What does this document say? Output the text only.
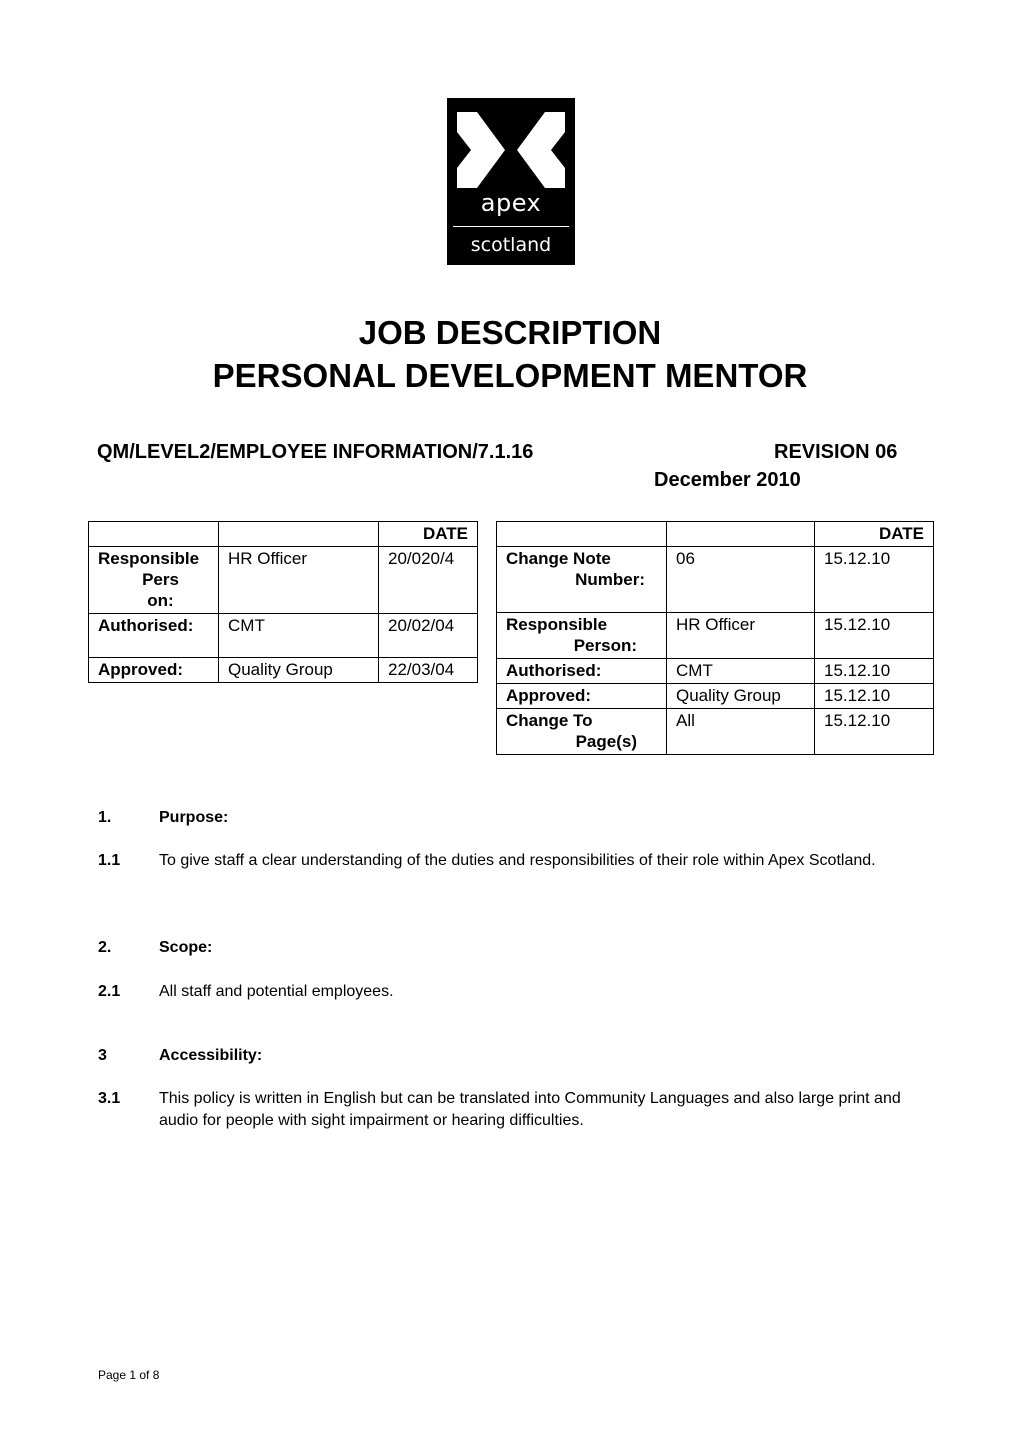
apex
scotland
JOB DESCRIPTION
PERSONAL DEVELOPMENT MENTOR
QM/LEVEL2/EMPLOYEE INFORMATION/7.1.16	REVISION 06
December 2010
		DATE

Responsible
Pers
on:	HR Officer	20/020/4
Authorised:	CMT	20/02/04
Approved:	Quality Group	22/03/04
		DATE

Change Note
Number:	06	15.12.10

Responsible
Person:	HR Officer	15.12.10
Authorised:	CMT	15.12.10
Approved:	Quality Group	15.12.10

Change To
Page(s)	All	15.12.10
1.	Purpose:
1.1 To give staff a clear understanding of the duties and responsibilities of their role within Apex Scotland.
2.	Scope:
2.1 All staff and potential employees.
3	Accessibility:
3.1 This policy is written in English but can be translated into Community Languages and also large print and audio for people with sight impairment or hearing difficulties.
Page 1 of 8
